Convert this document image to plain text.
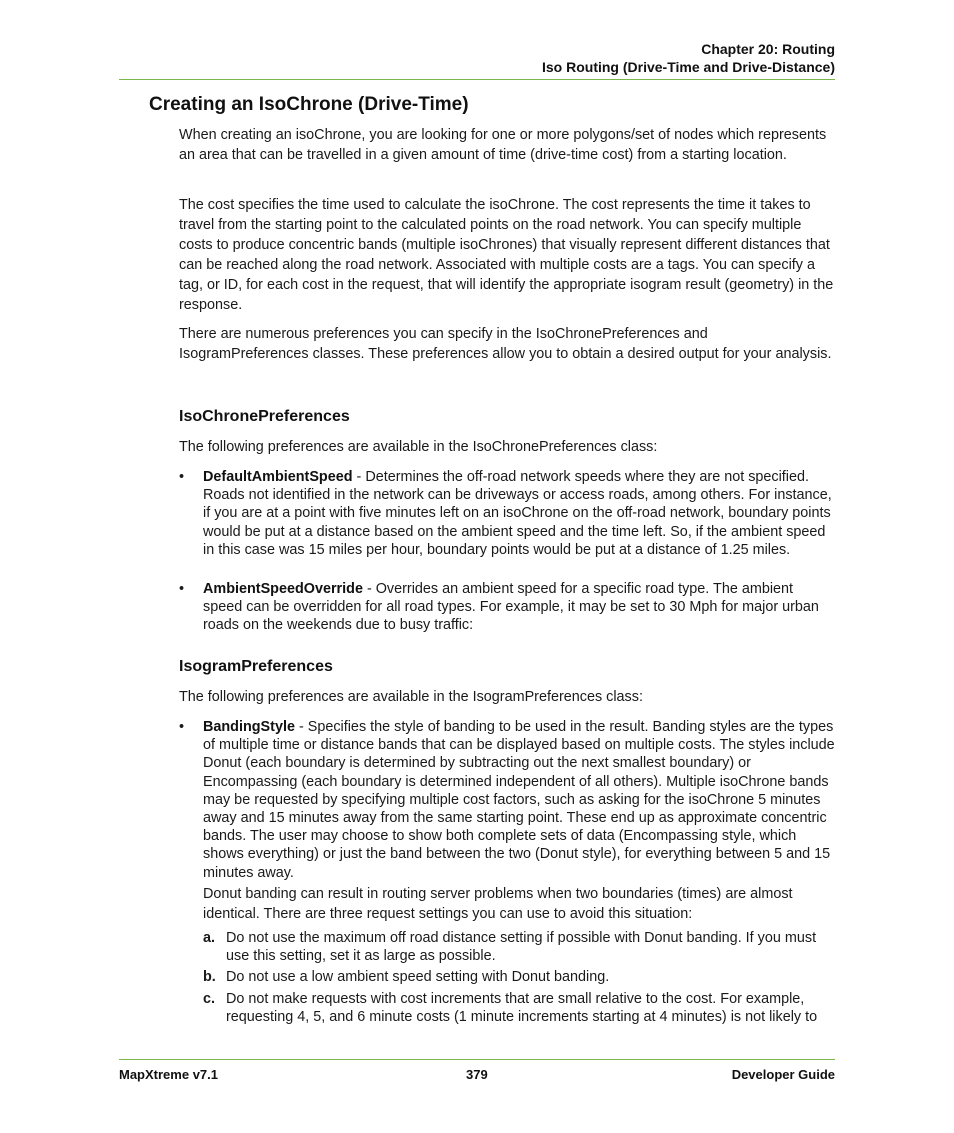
Chapter 20: Routing
Iso Routing (Drive-Time and Drive-Distance)
Creating an IsoChrone (Drive-Time)

When creating an isoChrone, you are looking for one or more polygons/set of nodes which represents an area that can be travelled in a given amount of time (drive-time cost) from a starting location.

The cost specifies the time used to calculate the isoChrone. The cost represents the time it takes to travel from the starting point to the calculated points on the road network. You can specify multiple costs to produce concentric bands (multiple isoChrones) that visually represent different distances that can be reached along the road network. Associated with multiple costs are a tags. You can specify a tag, or ID, for each cost in the request, that will identify the appropriate isogram result (geometry) in the response.

There are numerous preferences you can specify in the IsoChronePreferences and IsogramPreferences classes. These preferences allow you to obtain a desired output for your analysis.

IsoChronePreferences

The following preferences are available in the IsoChronePreferences class:

• DefaultAmbientSpeed - Determines the off-road network speeds where they are not specified. Roads not identified in the network can be driveways or access roads, among others. For instance, if you are at a point with five minutes left on an isoChrone on the off-road network, boundary points would be put at a distance based on the ambient speed and the time left. So, if the ambient speed in this case was 15 miles per hour, boundary points would be put at a distance of 1.25 miles.
• AmbientSpeedOverride - Overrides an ambient speed for a specific road type. The ambient speed can be overridden for all road types. For example, it may be set to 30 Mph for major urban roads on the weekends due to busy traffic:
IsogramPreferences

The following preferences are available in the IsogramPreferences class:

• BandingStyle - Specifies the style of banding to be used in the result. Banding styles are the types of multiple time or distance bands that can be displayed based on multiple costs. The styles include Donut (each boundary is determined by subtracting out the next smallest boundary) or Encompassing (each boundary is determined independent of all others). Multiple isoChrone bands may be requested by specifying multiple cost factors, such as asking for the isoChrone 5 minutes away and 15 minutes away from the same starting point. These end up as approximate concentric bands. The user may choose to show both complete sets of data (Encompassing style, which shows everything) or just the band between the two (Donut style), for everything between 5 and 15 minutes away.

Donut banding can result in routing server problems when two boundaries (times) are almost identical. There are three request settings you can use to avoid this situation:

a. Do not use the maximum off road distance setting if possible with Donut banding. If you must use this setting, set it as large as possible.
b. Do not use a low ambient speed setting with Donut banding.
c. Do not make requests with cost increments that are small relative to the cost. For example, requesting 4, 5, and 6 minute costs (1 minute increments starting at 4 minutes) is not likely to
MapXtreme v7.1	379	Developer Guide
